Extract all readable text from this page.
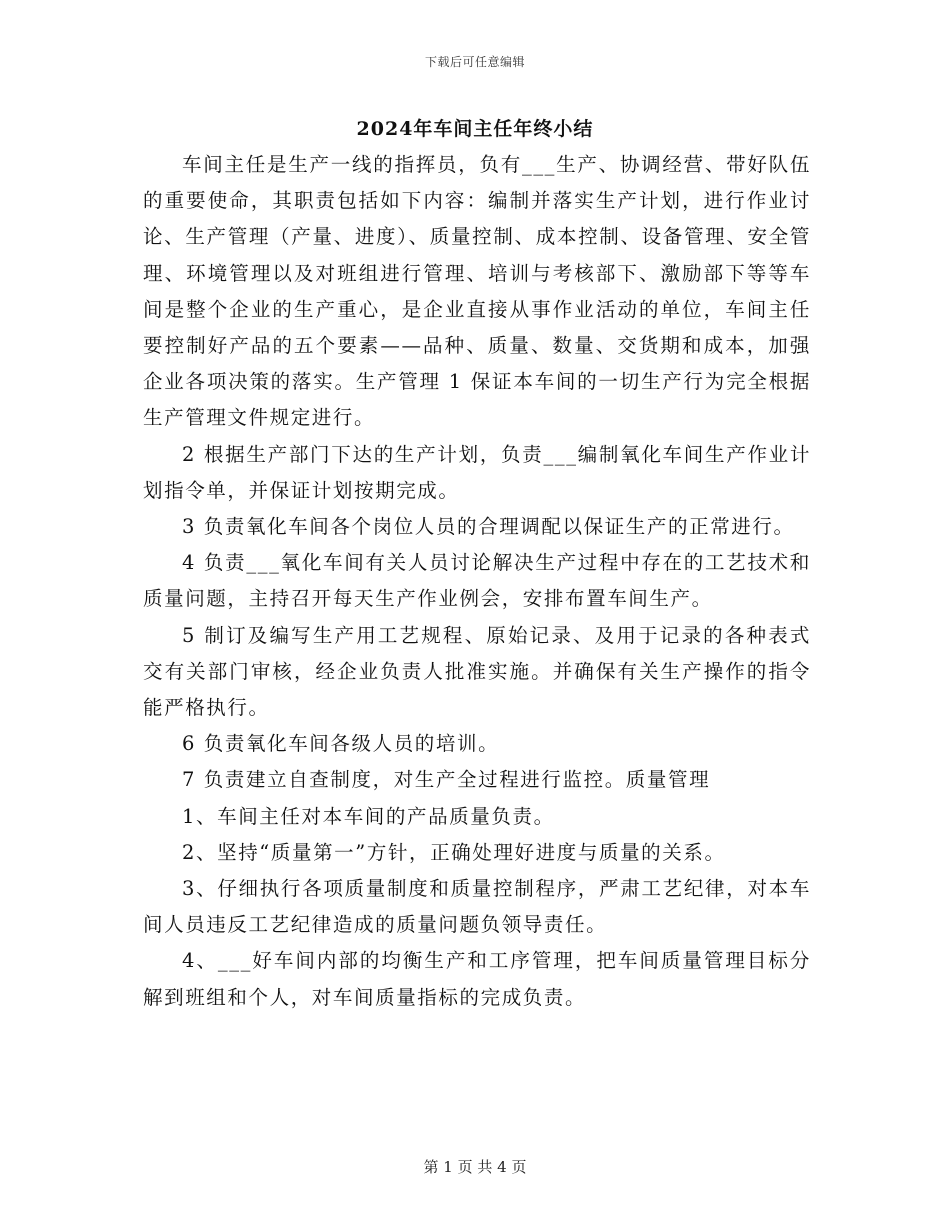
下载后可任意编辑
2024年车间主任年终小结

车间主任是生产一线的指挥员，负有___生产、协调经营、带好队伍的重要使命，其职责包括如下内容：编制并落实生产计划，进行作业讨论、生产管理（产量、进度）、质量控制、成本控制、设备管理、安全管理、环境管理以及对班组进行管理、培训与考核部下、激励部下等等车间是整个企业的生产重心，是企业直接从事作业活动的单位，车间主任要控制好产品的五个要素——品种、质量、数量、交货期和成本，加强企业各项决策的落实。生产管理 1 保证本车间的一切生产行为完全根据生产管理文件规定进行。

2 根据生产部门下达的生产计划，负责___编制氧化车间生产作业计划指令单，并保证计划按期完成。

3 负责氧化车间各个岗位人员的合理调配以保证生产的正常进行。

4 负责___氧化车间有关人员讨论解决生产过程中存在的工艺技术和质量问题，主持召开每天生产作业例会，安排布置车间生产。

5 制订及编写生产用工艺规程、原始记录、及用于记录的各种表式交有关部门审核，经企业负责人批准实施。并确保有关生产操作的指令能严格执行。

6 负责氧化车间各级人员的培训。

7 负责建立自查制度，对生产全过程进行监控。质量管理

1、车间主任对本车间的产品质量负责。

2、坚持“质量第一”方针，正确处理好进度与质量的关系。

3、仔细执行各项质量制度和质量控制程序，严肃工艺纪律，对本车间人员违反工艺纪律造成的质量问题负领导责任。

4、___好车间内部的均衡生产和工序管理，把车间质量管理目标分解到班组和个人，对车间质量指标的完成负责。

第 1 页 共 4 页
